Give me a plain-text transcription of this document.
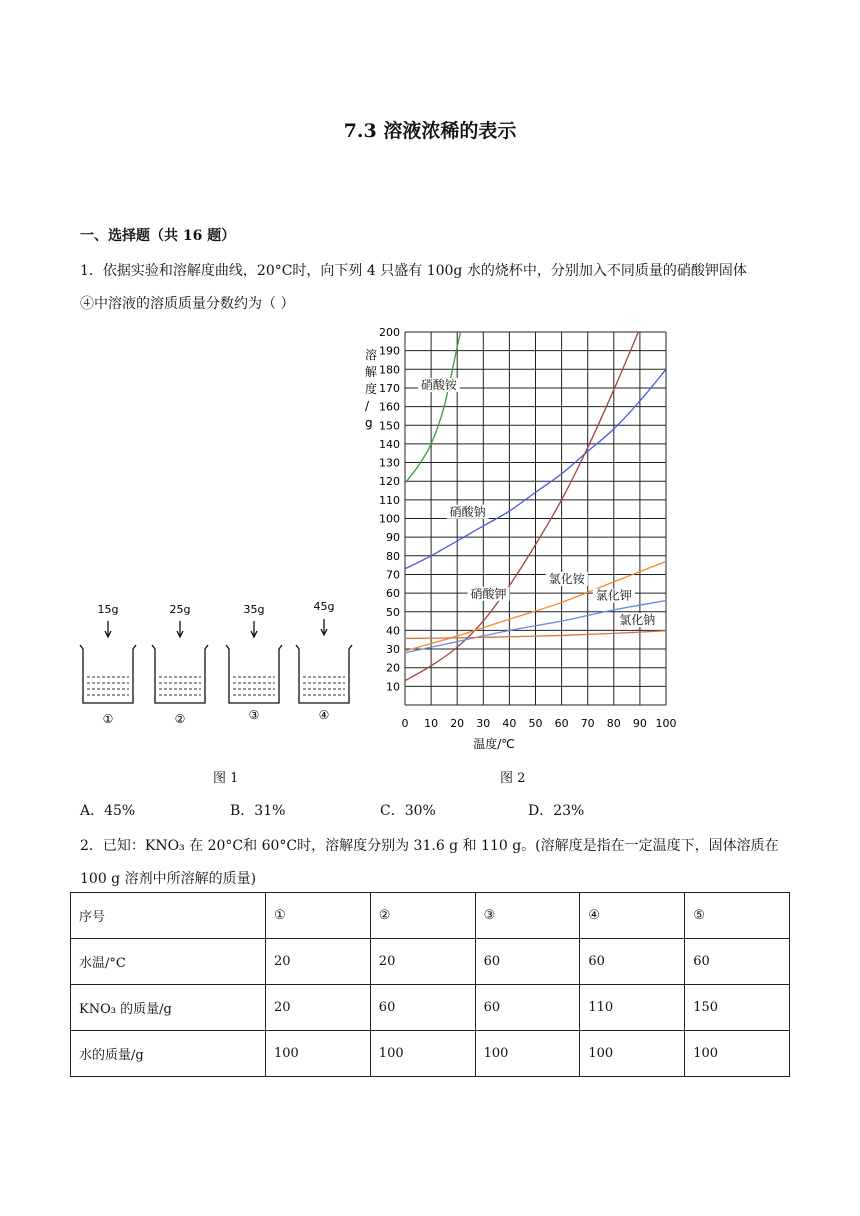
7.3 溶液浓稀的表示
一、选择题（共 16 题）
1．依据实验和溶解度曲线，20°C时，向下列 4 只盛有 100g 水的烧杯中，分别加入不同质量的硝酸钾固体
④中溶液的溶质质量分数约为（ ）
15g
①
25g
②
35g
③
45g
④
图 1	图 2
硝酸铵
硝酸钠
硝酸钾
氯化铵
氯化钾
氯化钠
10
20
30
40
50
60
70
80
90
100
110
120
130
140
150
160
170
180
190
200
0 10 20 30 40 50 60 70 80 90 100
溶解度/ g
温度/℃
A．45%	B．31%	C．30%	D．23%
2．已知：KNO₃ 在 20°C和 60°C时，溶解度分别为 31.6 g 和 110 g。(溶解度是指在一定温度下，固体溶质在
100 g 溶剂中所溶解的质量)
序号	①	②	③	④	⑤
水温/°C	20	20	60	60	60
KNO₃ 的质量/g	20	60	60	110	150
水的质量/g	100	100	100	100	100
